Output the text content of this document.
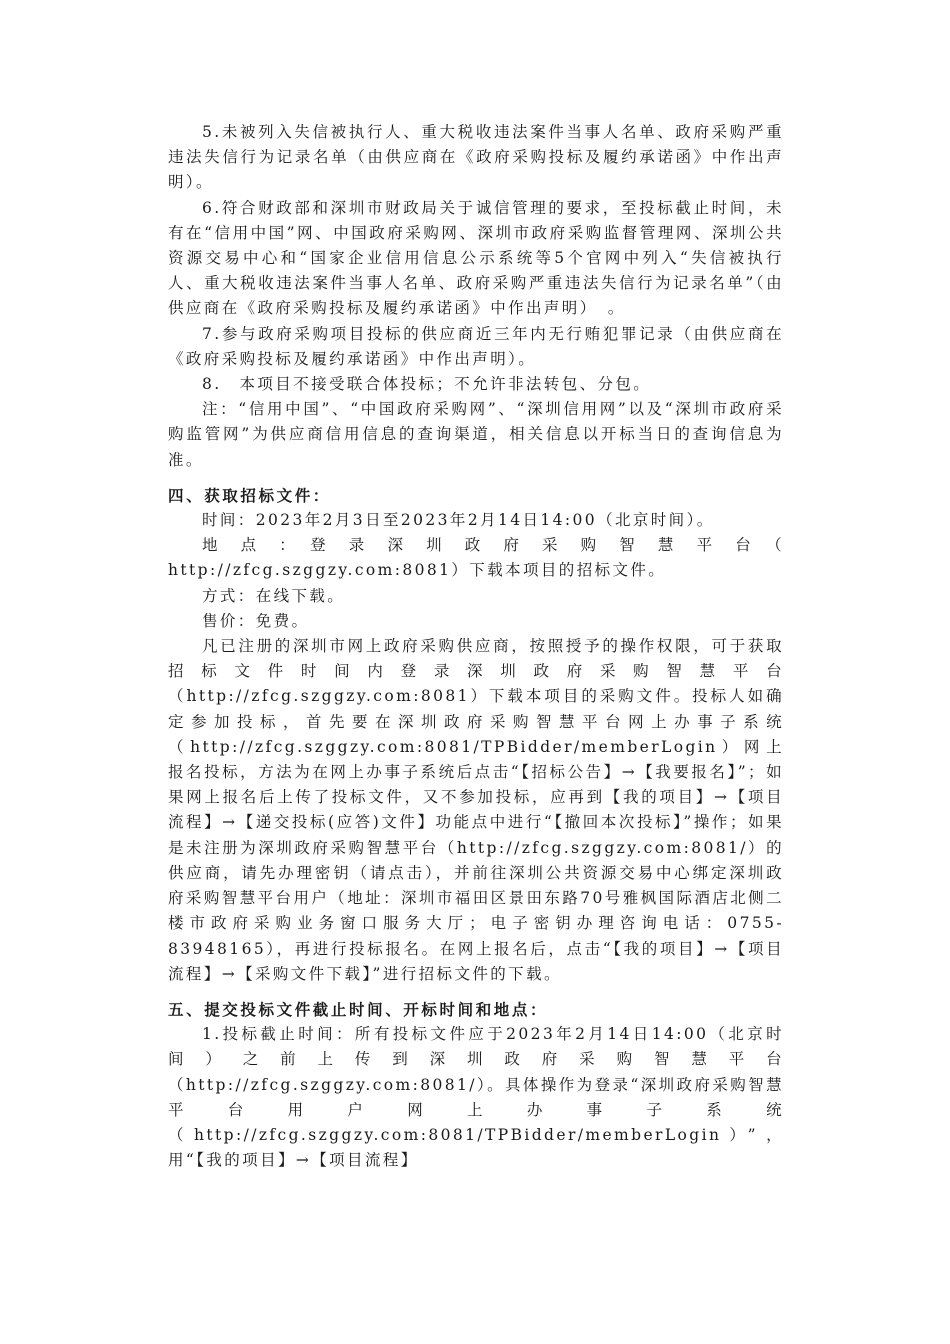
5.未被列入失信被执行人、重大税收违法案件当事人名单、政府采购严重违法失信行为记录名单（由供应商在《政府采购投标及履约承诺函》中作出声明）。

6.符合财政部和深圳市财政局关于诚信管理的要求，至投标截止时间，未有在“信用中国”网、中国政府采购网、深圳市政府采购监督管理网、深圳公共资源交易中心和“国家企业信用信息公示系统等5个官网中列入“失信被执行人、重大税收违法案件当事人名单、政府采购严重违法失信行为记录名单”（由供应商在《政府采购投标及履约承诺函》中作出声明）　。

7.参与政府采购项目投标的供应商近三年内无行贿犯罪记录（由供应商在《政府采购投标及履约承诺函》中作出声明）。

8.　本项目不接受联合体投标；不允许非法转包、分包。

注：“信用中国”、“中国政府采购网”、“深圳信用网”以及“深圳市政府采购监管网”为供应商信用信息的查询渠道，相关信息以开标当日的查询信息为准。

四、获取招标文件：

时间：2023年2月3日至2023年2月14日14:00（北京时间）。

地　点　：　登　录　深　圳　政　府　采　购　智　慧　平　台　（　http://zfcg.szggzy.com:8081）下载本项目的招标文件。

方式：在线下载。

售价：免费。

凡已注册的深圳市网上政府采购供应商，按照授予的操作权限，可于获取招标文件时间内登录深圳政府采购智慧平台（http://zfcg.szggzy.com:8081）下载本项目的采购文件。投标人如确定参加投标，首先要在深圳政府采购智慧平台网上办事子系统（http://zfcg.szggzy.com:8081/TPBidder/memberLogin）网上报名投标，方法为在网上办事子系统后点击“【招标公告】→【我要报名】”；如果网上报名后上传了投标文件，又不参加投标，应再到【我的项目】→【项目流程】→【递交投标(应答)文件】功能点中进行“【撤回本次投标】”操作；如果是未注册为深圳政府采购智慧平台（http://zfcg.szggzy.com:8081/）的供应商，请先办理密钥（请点击），并前往深圳公共资源交易中心绑定深圳政府采购智慧平台用户（地址：深圳市福田区景田东路70号雅枫国际酒店北侧二楼市政府采购业务窗口服务大厅；电子密钥办理咨询电话：0755-83948165），再进行投标报名。在网上报名后，点击“【我的项目】→【项目流程】→【采购文件下载】”进行招标文件的下载。

五、提交投标文件截止时间、开标时间和地点：

1.投标截止时间：所有投标文件应于2023年2月14日14:00（北京时间）之前上传到深圳政府采购智慧平台（http://zfcg.szggzy.com:8081/）。具体操作为登录“深圳政府采购智慧平台用户网上办事子系统（http://zfcg.szggzy.com:8081/TPBidder/memberLogin）”，用“【我的项目】→【项目流程】
